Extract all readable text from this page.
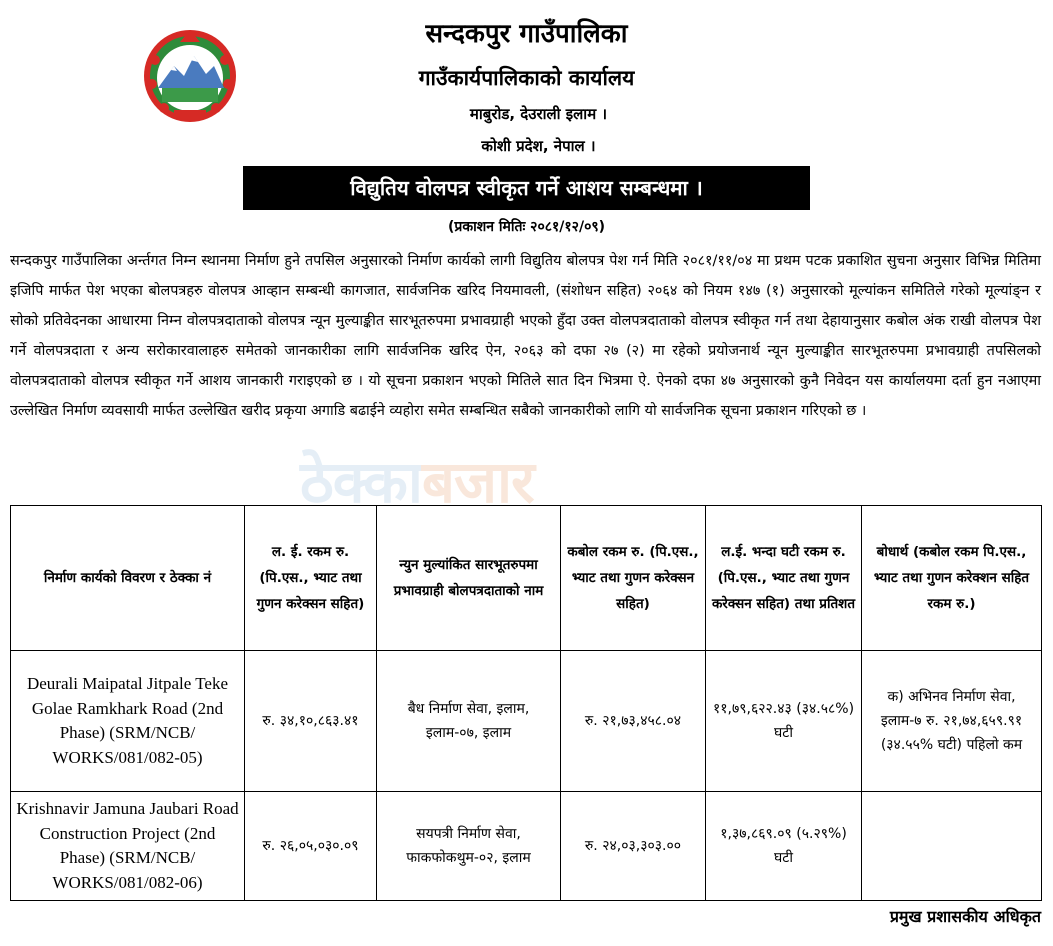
सन्दकपुर गाउँपालिका
गाउँकार्यपालिकाको कार्यालय
माबुरोड, देउराली इलाम ।
कोशी प्रदेश, नेपाल ।
विद्युतिय वोलपत्र स्वीकृत गर्ने आशय सम्बन्धमा ।
(प्रकाशन मितिः २०८१/१२/०९)
सन्दकपुर गाउँपालिका अर्न्तगत निम्न स्थानमा निर्माण हुने तपसिल अनुसारको निर्माण कार्यको लागी विद्युतिय बोलपत्र पेश गर्न मिति २०८१/११/०४ मा प्रथम पटक प्रकाशित सुचना अनुसार विभिन्न मितिमा इजिपि मार्फत पेश भएका बोलपत्रहरु वोलपत्र आव्हान सम्बन्धी कागजात, सार्वजनिक खरिद नियमावली, (संशोधन सहित) २०६४ को नियम १४७ (१) अनुसारको मूल्यांकन समितिले गरेको मूल्यांङ्न र सोको प्रतिवेदनका आधारमा निम्न वोलपत्रदाताको वोलपत्र न्यून मुल्याङ्कीत सारभूतरुपमा प्रभावग्राही भएको हुँदा उक्त वोलपत्रदाताको वोलपत्र स्वीकृत गर्न तथा देहायानुसार कबोल अंक राखी वोलपत्र पेश गर्ने वोलपत्रदाता र अन्य सरोकारवालाहरु समेतको जानकारीका लागि सार्वजनिक खरिद ऐन, २०६३ को दफा २७ (२) मा रहेको प्रयोजनार्थ न्यून मुल्याङ्कीत सारभूतरुपमा प्रभावग्राही तपसिलको वोलपत्रदाताको वोलपत्र स्वीकृत गर्ने आशय जानकारी गराइएको छ । यो सूचना प्रकाशन भएको मितिले सात दिन भित्रमा ऐ. ऐनको दफा ४७ अनुसारको कुनै निवेदन यस कार्यालयमा दर्ता हुन नआएमा उल्लेखित निर्माण व्यवसायी मार्फत उल्लेखित खरीद प्रकृया अगाडि बढाईने व्यहोरा समेत सम्बन्धित सबैको जानकारीको लागि यो सार्वजनिक सूचना प्रकाशन गरिएको छ ।
ठेक्काबजार
निर्माण कार्यको विवरण र ठेक्का नं	ल. ई. रकम रु. (पि.एस., भ्याट तथा गुणन करेक्सन सहित)	न्युन मुल्यांकित सारभूतरुपमा प्रभावग्राही बोलपत्रदाताको नाम	कबोल रकम रु. (पि.एस., भ्याट तथा गुणन करेक्सन सहित)	ल.ई. भन्दा घटी रकम रु. (पि.एस., भ्याट तथा गुणन करेक्सन सहित) तथा प्रतिशत	बोधार्थ (कबोल रकम पि.एस., भ्याट तथा गुणन करेक्शन सहित रकम रु.)
Deurali Maipatal Jitpale Teke Golae Ramkhark Road (2nd Phase) (SRM/NCB/ WORKS/081/082-05)	रु. ३४,१०,८६३.४१	बैध निर्माण सेवा, इलाम, इलाम-०७, इलाम	रु. २१,७३,४५८.०४	११,७९,६२२.४३ (३४.५८%) घटी	क) अभिनव निर्माण सेवा, इलाम-७ रु. २१,७४,६५९.९१ (३४.५५% घटी) पहिलो कम
Krishnavir Jamuna Jaubari Road Construction Project (2nd Phase) (SRM/NCB/ WORKS/081/082-06)	रु. २६,०५,०३०.०९	सयपत्री निर्माण सेवा, फाकफोकथुम-०२, इलाम	रु. २४,०३,३०३.००	१,३७,८६९.०९ (५.२९%) घटी	
प्रमुख प्रशासकीय अधिकृत
